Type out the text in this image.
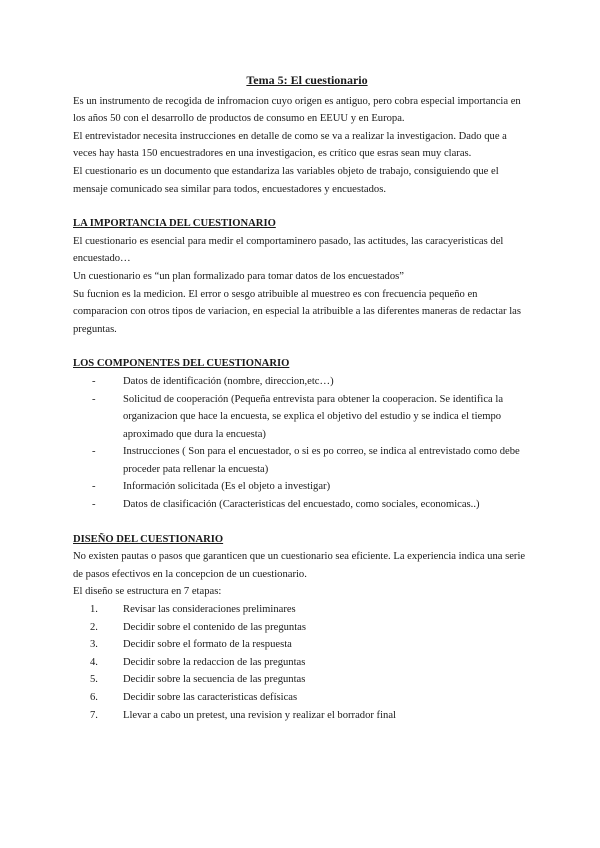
Tema 5: El cuestionario

Es un instrumento de recogida de infromacion cuyo origen es antiguo, pero cobra especial importancia en los años 50 con el desarrollo de productos de consumo en EEUU y en Europa.

El entrevistador necesita instrucciones en detalle de como se va a realizar la investigacion. Dado que a veces hay hasta 150 encuestradores en una investigacion, es crítico que esras sean muy claras.

El cuestionario es un documento que estandariza las variables objeto de trabajo, consiguiendo que el mensaje comunicado sea similar para todos, encuestadores y encuestados.

LA IMPORTANCIA DEL CUESTIONARIO

El cuestionario es esencial para medir el comportaminero pasado, las actitudes, las caracyeristicas del encuestado…

Un cuestionario es “un plan formalizado para tomar datos de los encuestados”

Su fucnion es la medicion. El error o sesgo atribuible al muestreo es con frecuencia pequeño en comparacion con otros tipos de variacion, en especial la atribuible a las diferentes maneras de redactar las preguntas.

LOS COMPONENTES DEL CUESTIONARIO

- Datos de identificación (nombre, direccion,etc…)
- Solicitud de cooperación (Pequeña entrevista para obtener la cooperacion. Se identifica la organizacion que hace la encuesta, se explica el objetivo del estudio y se indica el tiempo aproximado que dura la encuesta)
- Instrucciones ( Son para el encuestador, o si es po correo, se indica al entrevistado como debe proceder pata rellenar la encuesta)
- Información solicitada (Es el objeto a investigar)
- Datos de clasificación (Caracteristicas del encuestado, como sociales, economicas..)

DISEÑO DEL CUESTIONARIO

No existen pautas o pasos que garanticen que un cuestionario sea eficiente. La experiencia indica una serie de pasos efectivos en la concepcion de un cuestionario.

El diseño se estructura en 7 etapas:

1. Revisar las consideraciones preliminares
2. Decidir sobre el contenido de las preguntas
3. Decidir sobre el formato de la respuesta
4. Decidir sobre la redaccion de las preguntas
5. Decidir sobre la secuencia de las preguntas
6. Decidir sobre las caracteristicas defísicas
7. Llevar a cabo un pretest, una revision y realizar el borrador final
